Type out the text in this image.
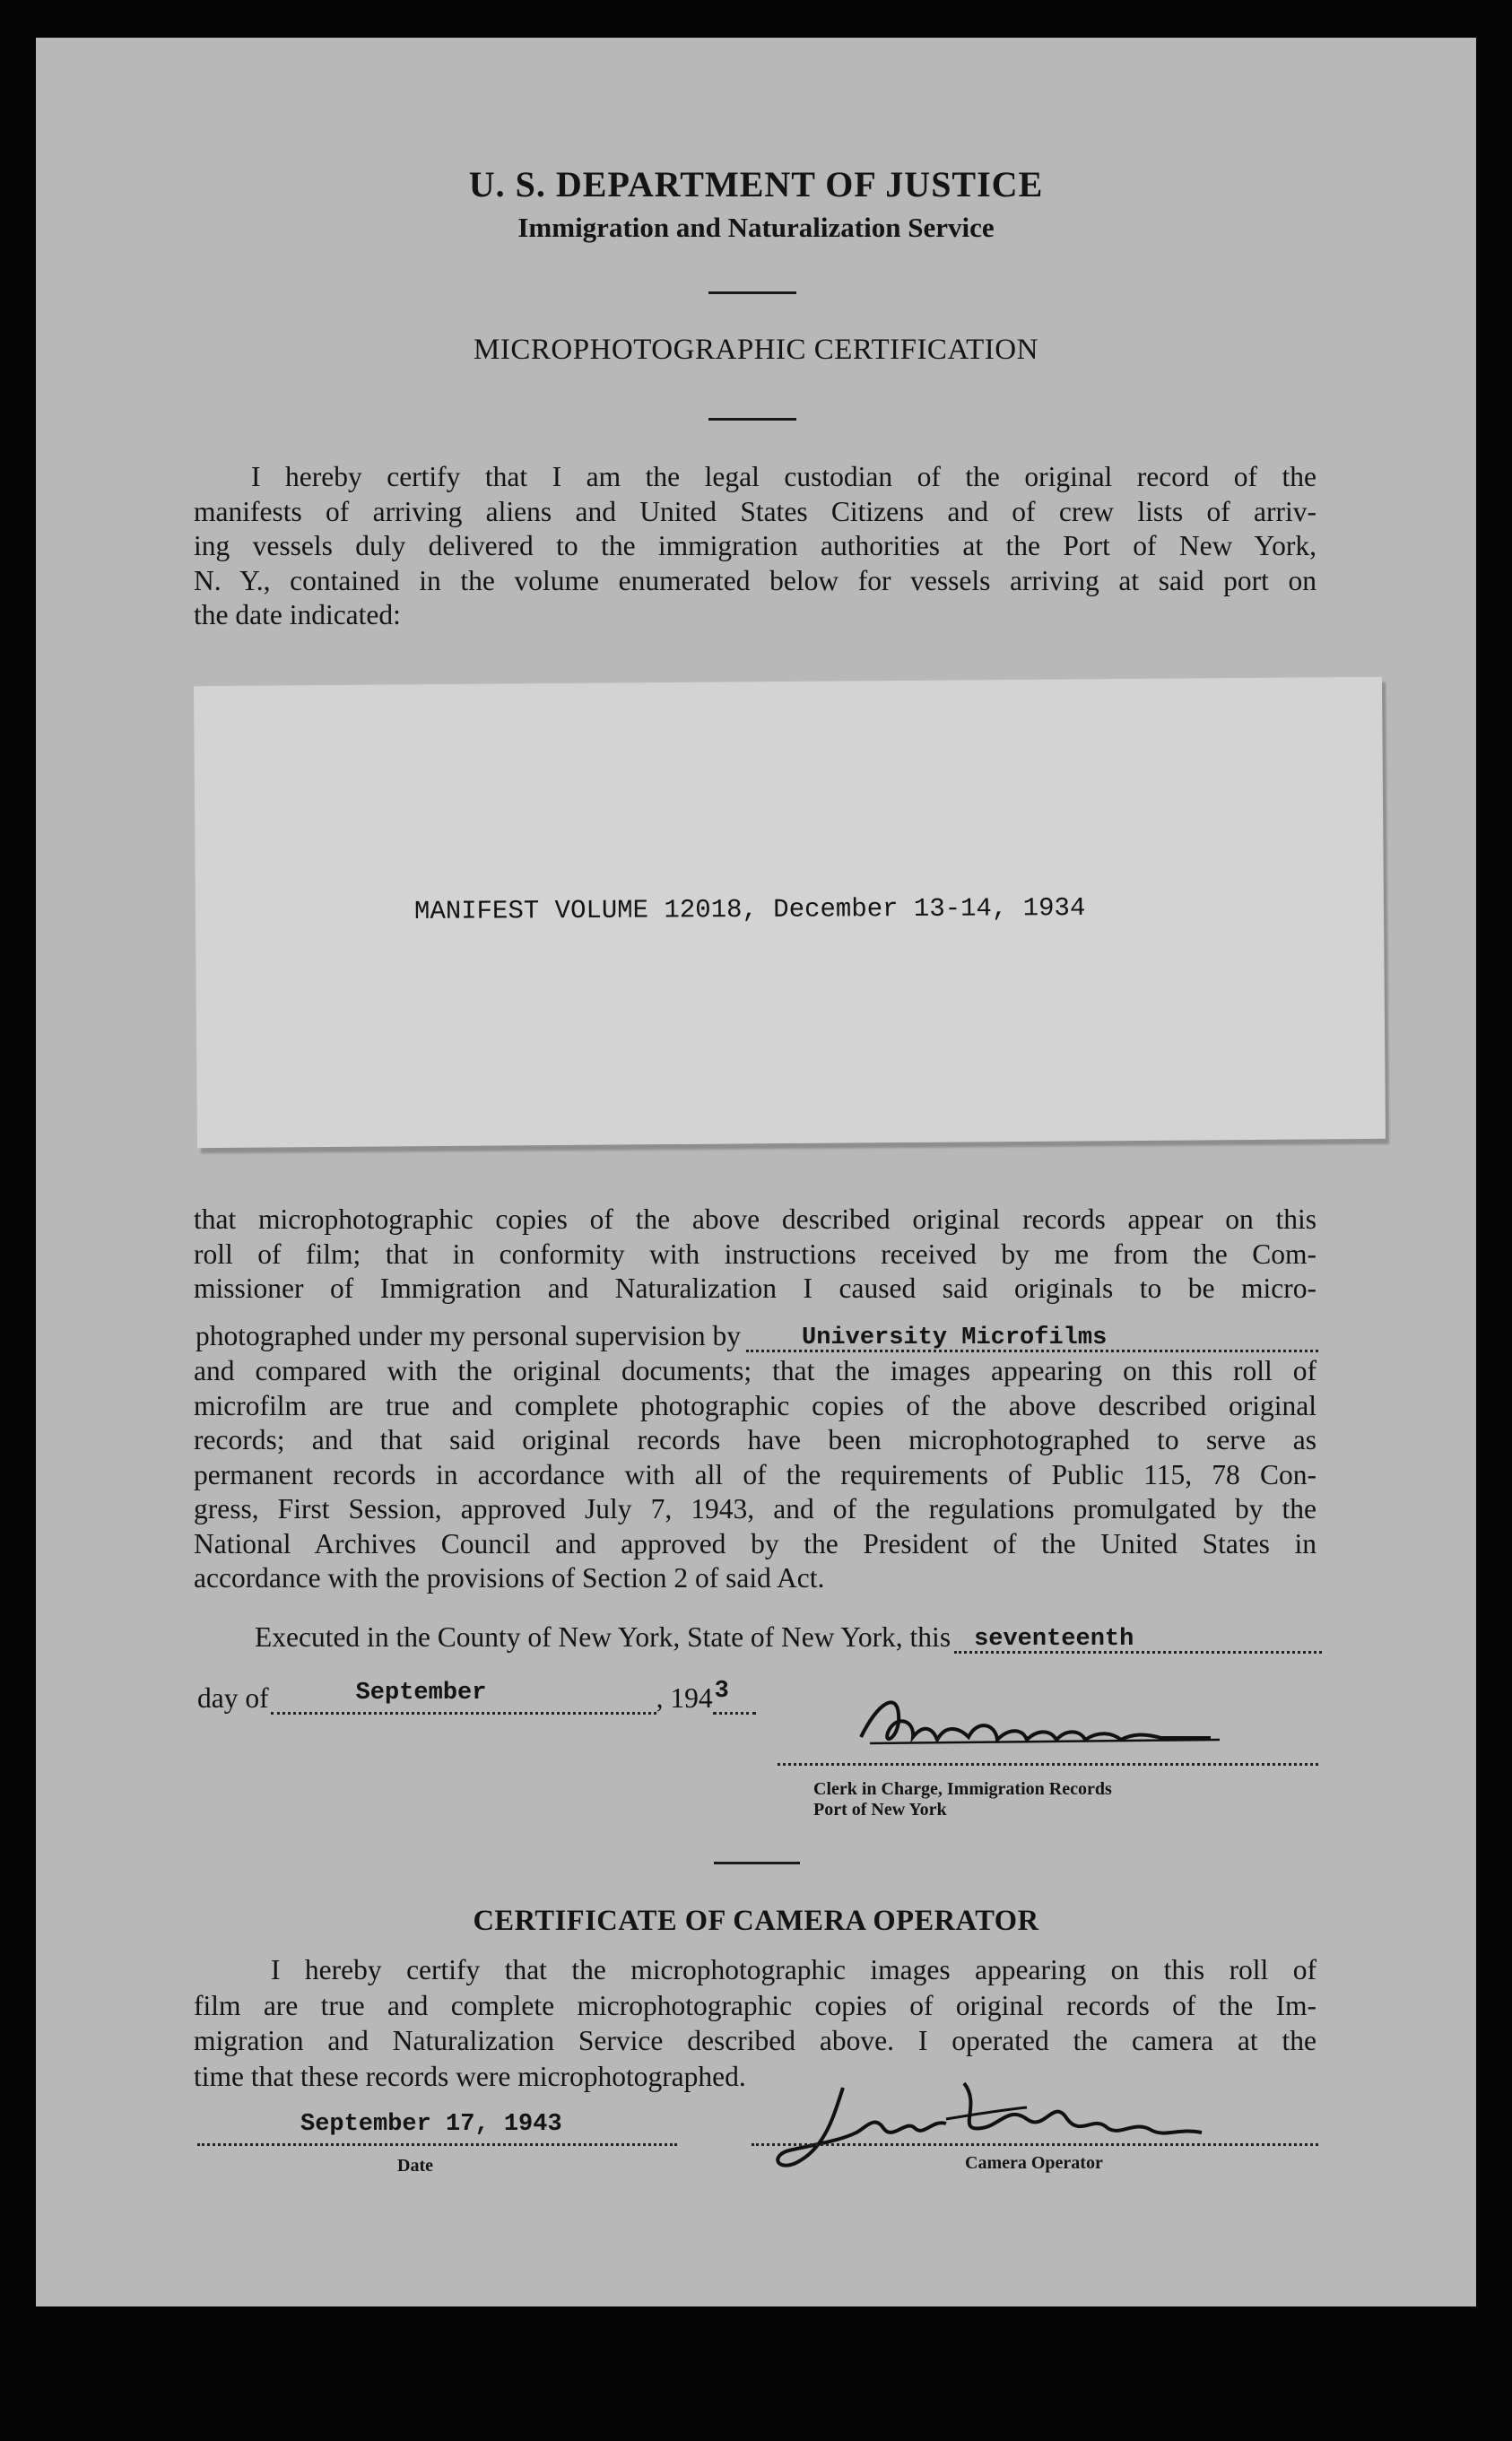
U. S. DEPARTMENT OF JUSTICE
Immigration and Naturalization Service
MICROPHOTOGRAPHIC CERTIFICATION
I hereby certify that I am the legal custodian of the original record of the
manifests of arriving aliens and United States Citizens and of crew lists of arriv-
ing vessels duly delivered to the immigration authorities at the Port of New York,
N. Y., contained in the volume enumerated below for vessels arriving at said port on
the date indicated:
MANIFEST VOLUME 12018, December 13-14, 1934
that microphotographic copies of the above described original records appear on this
roll of film; that in conformity with instructions received by me from the Com-
missioner of Immigration and Naturalization I caused said originals to be micro-
photographed under my personal supervision by	University Microfilms
and compared with the original documents; that the images appearing on this roll of
microfilm are true and complete photographic copies of the above described original
records; and that said original records have been microphotographed to serve as
permanent records in accordance with all of the requirements of Public 115, 78 Con-
gress, First Session, approved July 7, 1943, and of the regulations promulgated by the
National Archives Council and approved by the President of the United States in
accordance with the provisions of Section 2 of said Act.
Executed in the County of New York, State of New York, this seventeenth
day of	September	, 194 3
Clerk in Charge, Immigration Records
Port of New York
CERTIFICATE OF CAMERA OPERATOR
I hereby certify that the microphotographic images appearing on this roll of
film are true and complete microphotographic copies of original records of the Im-
migration and Naturalization Service described above. I operated the camera at the
time that these records were microphotographed.
September 17, 1943
Date	Camera Operator
